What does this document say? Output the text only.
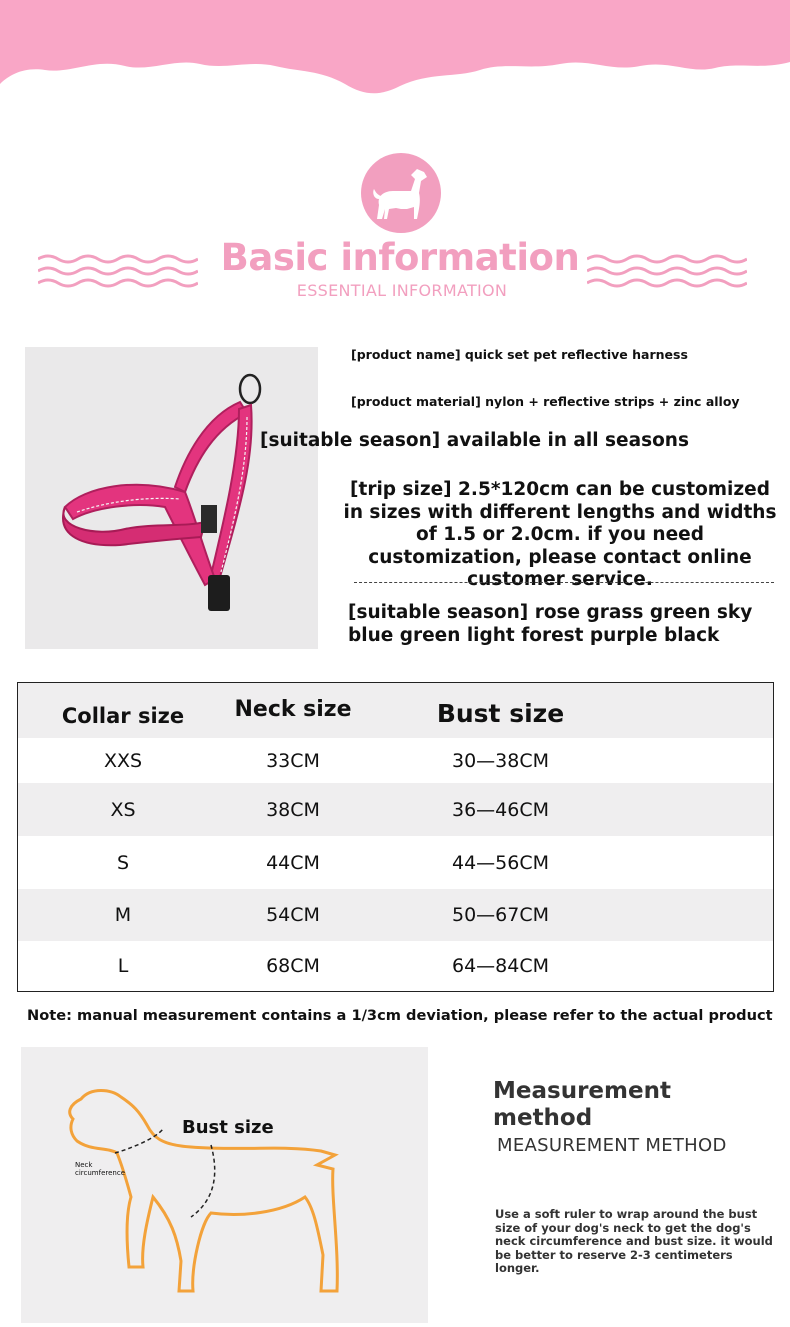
Basic information
ESSENTIAL INFORMATION
[product name] quick set pet reflective harness
[product material] nylon + reflective strips + zinc alloy
[suitable season] available in all seasons
[trip size] 2.5*120cm can be customized in sizes with different lengths and widths of 1.5 or 2.0cm. if you need customization, please contact online customer service.
[suitable season] rose grass green sky blue green light forest purple black
Collar size	Neck size	Bust size
XXS	33CM	30—38CM
XS	38CM	36—46CM
S	44CM	44—56CM
M	54CM	50—67CM
L	68CM	64—84CM
Note: manual measurement contains a 1/3cm deviation, please refer to the actual product
Bust size
Neck circumference
Measurement method
MEASUREMENT METHOD
Use a soft ruler to wrap around the bust size of your dog's neck to get the dog's neck circumference and bust size. it would be better to reserve 2-3 centimeters longer.
